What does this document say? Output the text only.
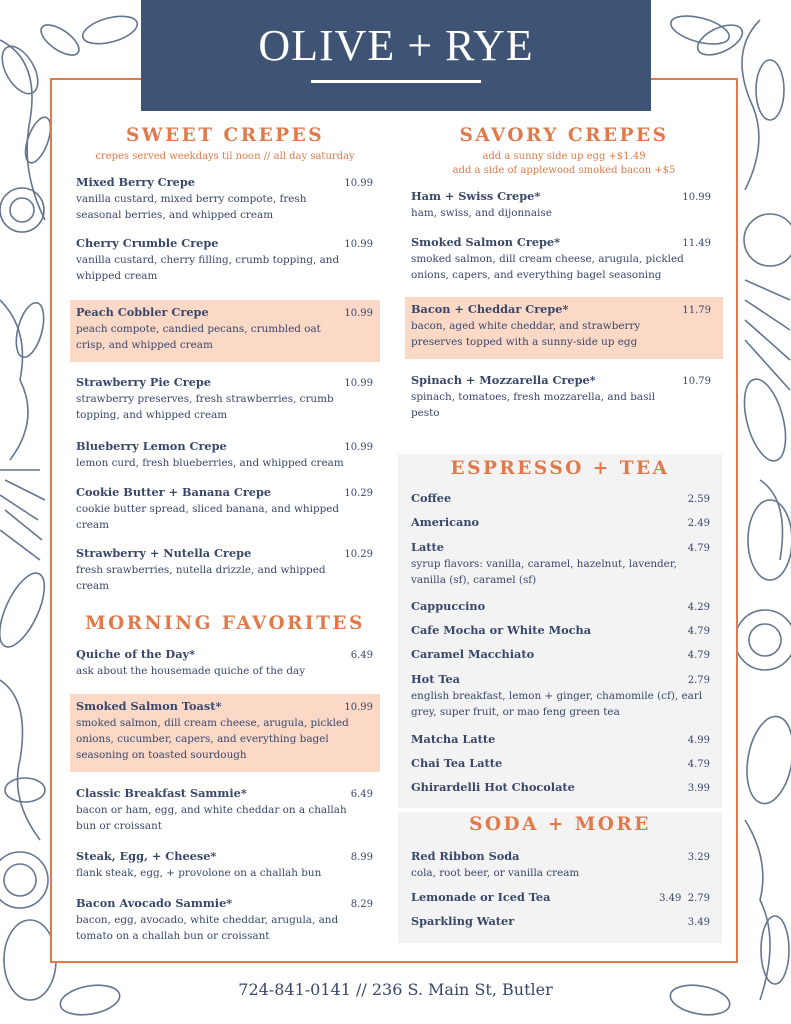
OLIVE + RYE
SWEET CREPES
crepes served weekdays til noon // all day saturday
Mixed Berry Crepe	10.99
vanilla custard, mixed berry compote, fresh seasonal berries, and whipped cream
Cherry Crumble Crepe	10.99
vanilla custard, cherry filling, crumb topping, and whipped cream
Peach Cobbler Crepe	10.99
peach compote, candied pecans, crumbled oat crisp, and whipped cream
Strawberry Pie Crepe	10.99
strawberry preserves, fresh strawberries, crumb topping, and whipped cream
Blueberry Lemon Crepe	10.99
lemon curd, fresh blueberries, and whipped cream
Cookie Butter + Banana Crepe	10.29
cookie butter spread, sliced banana, and whipped cream
Strawberry + Nutella Crepe	10.29
fresh srawberries, nutella drizzle, and whipped cream
MORNING FAVORITES
Quiche of the Day*	6.49
ask about the housemade quiche of the day
Smoked Salmon Toast*	10.99
smoked salmon, dill cream cheese, arugula, pickled onions, cucumber, capers, and everything bagel seasoning on toasted sourdough
Classic Breakfast Sammie*	6.49
bacon or ham, egg, and white cheddar on a challah bun or croissant
Steak, Egg, + Cheese*	8.99
flank steak, egg, + provolone on a challah bun
Bacon Avocado Sammie*	8.29
bacon, egg, avocado, white cheddar, arugula, and tomato on a challah bun or croissant
SAVORY CREPES
add a sunny side up egg +$1.49
add a side of applewood smoked bacon +$5
Ham + Swiss Crepe*	10.99
ham, swiss, and dijonnaise
Smoked Salmon Crepe*	11.49
smoked salmon, dill cream cheese, arugula, pickled onions, capers, and everything bagel seasoning
Bacon + Cheddar Crepe*	11.79
bacon, aged white cheddar, and strawberry preserves topped with a sunny-side up egg
Spinach + Mozzarella Crepe*	10.79
spinach, tomatoes, fresh mozzarella, and basil pesto
ESPRESSO + TEA
Coffee	2.59
Americano	2.49
Latte	4.79
syrup flavors: vanilla, caramel, hazelnut, lavender, vanilla (sf), caramel (sf)
Cappuccino	4.29
Cafe Mocha or White Mocha	4.79
Caramel Macchiato	4.79
Hot Tea	2.79
english breakfast, lemon + ginger, chamomile (cf), earl grey, super fruit, or mao feng green tea
Matcha Latte	4.99
Chai Tea Latte	4.79
Ghirardelli Hot Chocolate	3.99
SODA + MORE
Red Ribbon Soda	3.29
cola, root beer, or vanilla cream
Lemonade or Iced Tea	3.49  2.79
Sparkling Water	3.49
724-841-0141 // 236 S. Main St, Butler
